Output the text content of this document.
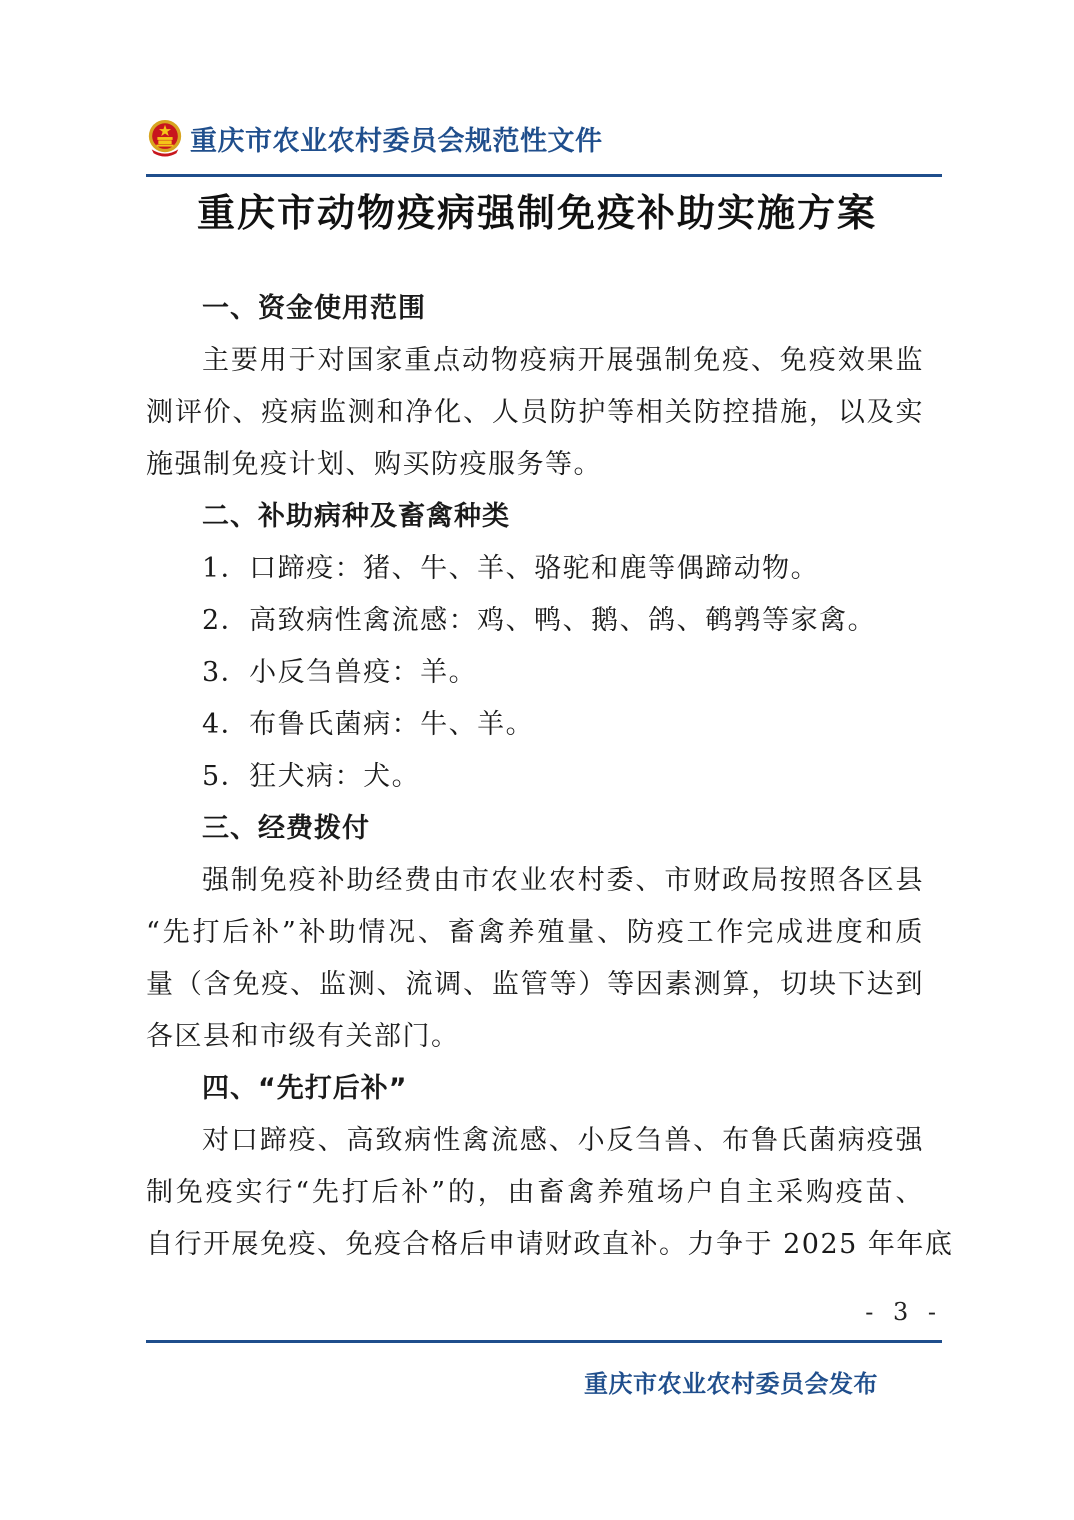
重庆市农业农村委员会规范性文件
重庆市动物疫病强制免疫补助实施方案
一、资金使用范围
主要用于对国家重点动物疫病开展强制免疫、免疫效果监
测评价、疫病监测和净化、人员防护等相关防控措施，以及实
施强制免疫计划、购买防疫服务等。
二、补助病种及畜禽种类
1．口蹄疫：猪、牛、羊、骆驼和鹿等偶蹄动物。
2．高致病性禽流感：鸡、鸭、鹅、鸽、鹌鹑等家禽。
3．小反刍兽疫：羊。
4．布鲁氏菌病：牛、羊。
5．狂犬病：犬。
三、经费拨付
强制免疫补助经费由市农业农村委、市财政局按照各区县
“先打后补”补助情况、畜禽养殖量、防疫工作完成进度和质
量（含免疫、监测、流调、监管等）等因素测算，切块下达到
各区县和市级有关部门。
四、“先打后补”
对口蹄疫、高致病性禽流感、小反刍兽、布鲁氏菌病疫强
制免疫实行“先打后补”的，由畜禽养殖场户自主采购疫苗、
自行开展免疫、免疫合格后申请财政直补。力争于 2025 年年底
- 3 -
重庆市农业农村委员会发布
